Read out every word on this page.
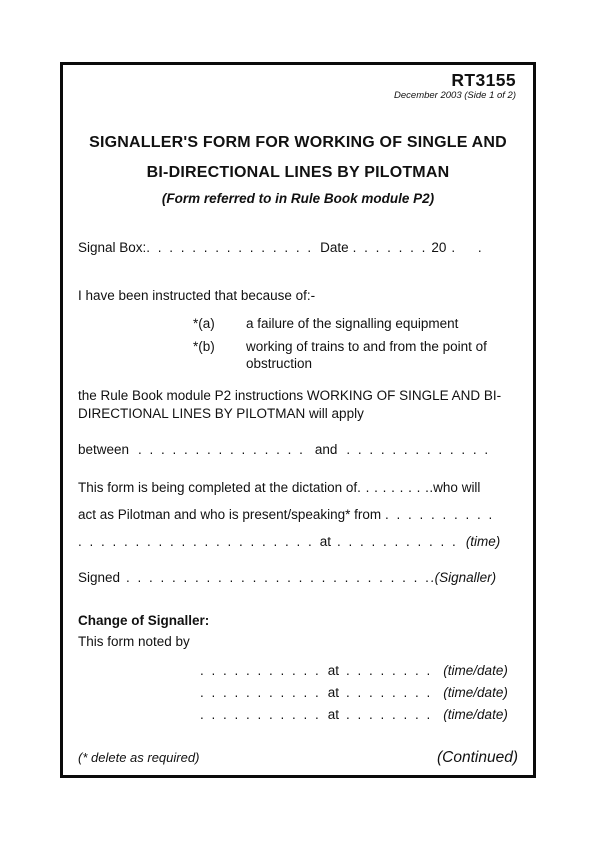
RT3155
December 2003 (Side 1 of 2)
SIGNALLER'S FORM FOR WORKING OF SINGLE AND
BI-DIRECTIONAL LINES BY PILOTMAN
(Form referred to in Rule Book module P2)
Signal Box:. . . . . . . . . . . . . . . Date . . . . . . . 20 . .
I have been instructed that because of:-
*(a)	a failure of the signalling equipment
*(b)	working of trains to and from the point of obstruction
the Rule Book module P2 instructions WORKING OF SINGLE AND BI-DIRECTIONAL LINES BY PILOTMAN will apply
between . . . . . . . . . . . . . . . and . . . . . . . . . . . . .
This form is being completed at the dictation of. . . . . . . . ..who will
act as Pilotman and who is present/speaking* from . . . . . . . . . .
. . . . . . . . . . . . . . . . . . . . . at . . . . . . . . . . . (time)
Signed . . . . . . . . . . . . . . . . . . . . . . . . . . ..(Signaller)
Change of Signaller:
This form noted by
. . . . . . . . . . . at . . . . . . . . (time/date)
. . . . . . . . . . . at . . . . . . . . (time/date)
. . . . . . . . . . . at . . . . . . . . (time/date)
(* delete as required)	(Continued)
